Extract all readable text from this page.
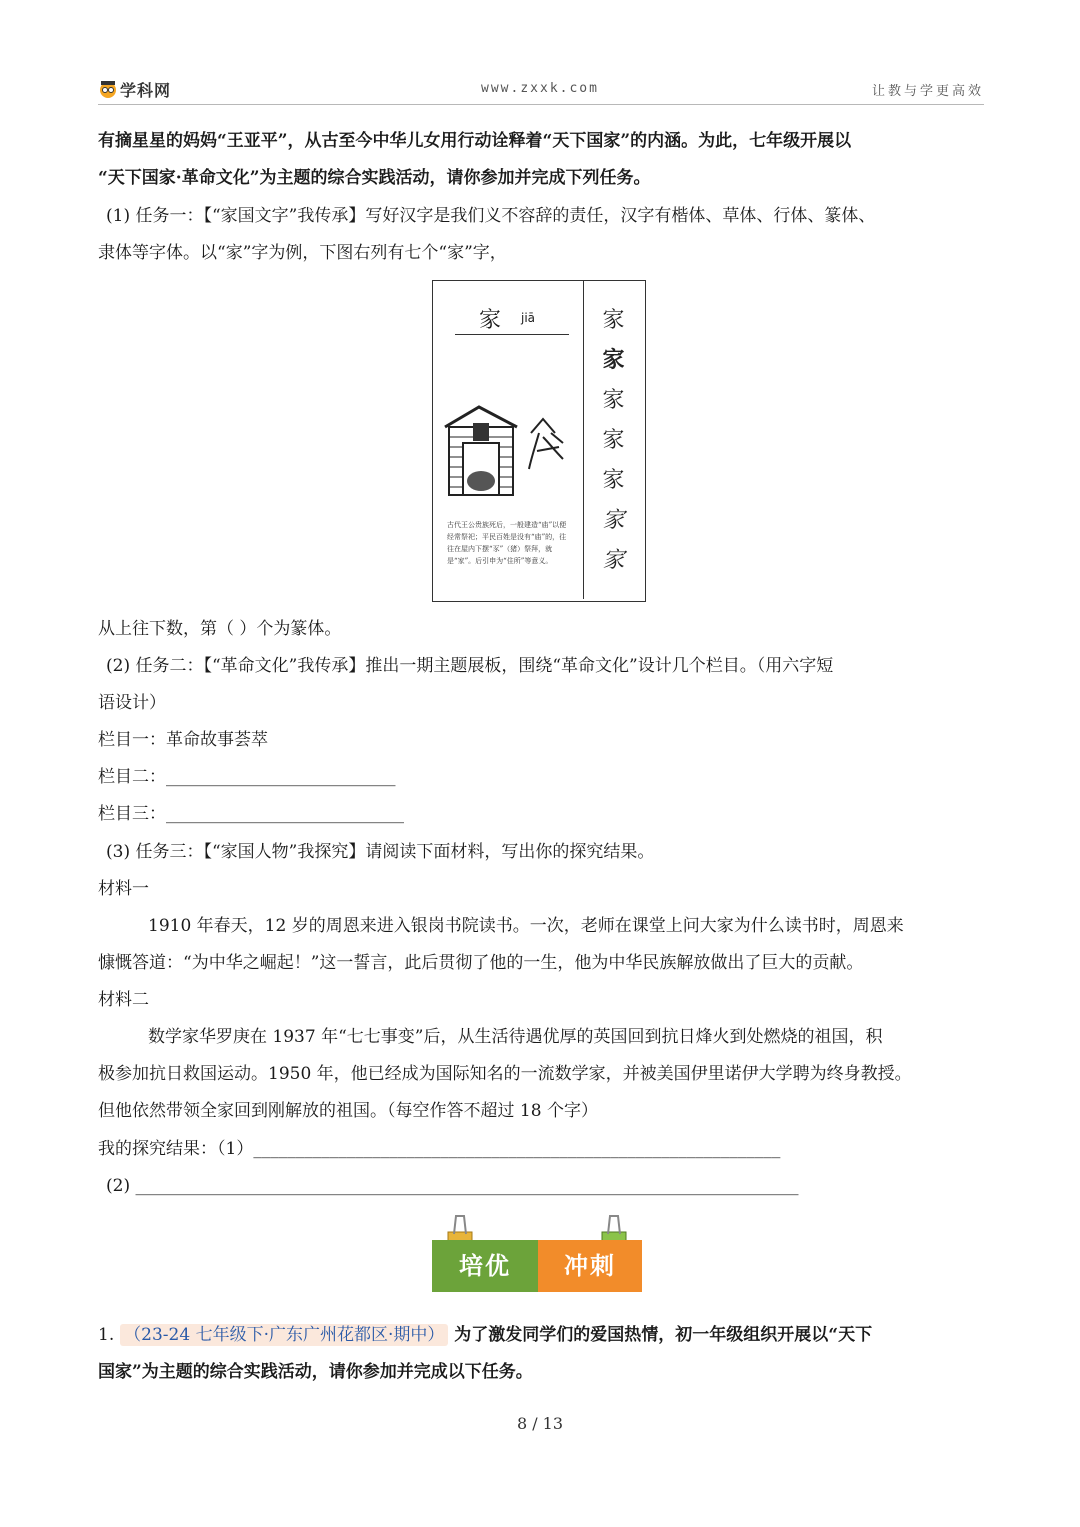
学科网	www.zxxk.com	让教与学更高效
有摘星星的妈妈“王亚平”，从古至今中华儿女用行动诠释着“天下国家”的内涵。为此，七年级开展以
“天下国家·革命文化”为主题的综合实践活动，请你参加并完成下列任务。
(1) 任务一：【“家国文字”我传承】写好汉字是我们义不容辞的责任，汉字有楷体、草体、行体、篆体、
隶体等字体。以“家”字为例，下图右列有七个“家”字，
家 jiā
古代王公贵族死后，一般建造“庙”以便经常祭祀；平民百姓是没有“庙”的，往往在屋内下摆“豕”（猪）祭拜，就是“家”。后引申为“住所”等意义。
家
家
家
家
家
家
家
从上往下数，第（ ）个为篆体。
(2) 任务二：【“革命文化”我传承】推出一期主题展板，围绕“革命文化”设计几个栏目。（用六字短
语设计）
栏目一：革命故事荟萃
栏目二：___________________________
栏目三：____________________________
(3) 任务三：【“家国人物”我探究】请阅读下面材料，写出你的探究结果。
材料一
1910 年春天，12 岁的周恩来进入银岗书院读书。一次，老师在课堂上问大家为什么读书时，周恩来
慷慨答道：“为中华之崛起！”这一誓言，此后贯彻了他的一生，他为中华民族解放做出了巨大的贡献。
材料二
数学家华罗庚在 1937 年“七七事变”后，从生活待遇优厚的英国回到抗日烽火到处燃烧的祖国，积
极参加抗日救国运动。1950 年，他已经成为国际知名的一流数学家，并被美国伊里诺伊大学聘为终身教授。
但他依然带领全家回到刚解放的祖国。（每空作答不超过 18 个字）
我的探究结果：（1）______________________________________________________________
(2) ______________________________________________________________________________
培优	冲刺
1. （23-24 七年级下·广东广州花都区·期中） 为了激发同学们的爱国热情，初一年级组织开展以“天下
国家”为主题的综合实践活动，请你参加并完成以下任务。
8 / 13
